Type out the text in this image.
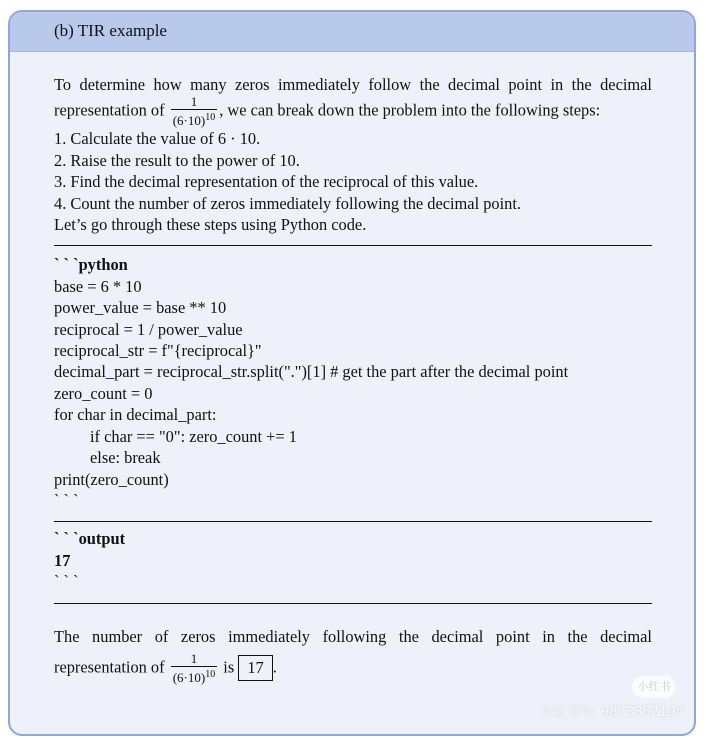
(b) TIR example
To determine how many zeros immediately follow the decimal point in the decimal representation of $\frac{1}{(6\cdot 10)^{10}}$ , we can break down the problem into the following steps:
1. Calculate the value of 6 · 10.
2. Raise the result to the power of 10.
3. Find the decimal representation of the reciprocal of this value.
4. Count the number of zeros immediately following the decimal point.
Let’s go through these steps using Python code.
` ` `python
base = 6 * 10
power_value = base ** 10
reciprocal = 1 / power_value
reciprocal_str = f"{reciprocal}"
decimal_part = reciprocal_str.split(".")[1] # get the part after the decimal point
zero_count = 0
for char in decimal_part:
if char == "0": zero_count += 1
else: break
print(zero_count)
` ` `
` ` `output
17
` ` `
The number of zeros immediately following the decimal point in the decimal representation of $\frac{1}{(6\cdot 10)^{10}}$ is 17 .
小红书
小红书号: 9873352194
